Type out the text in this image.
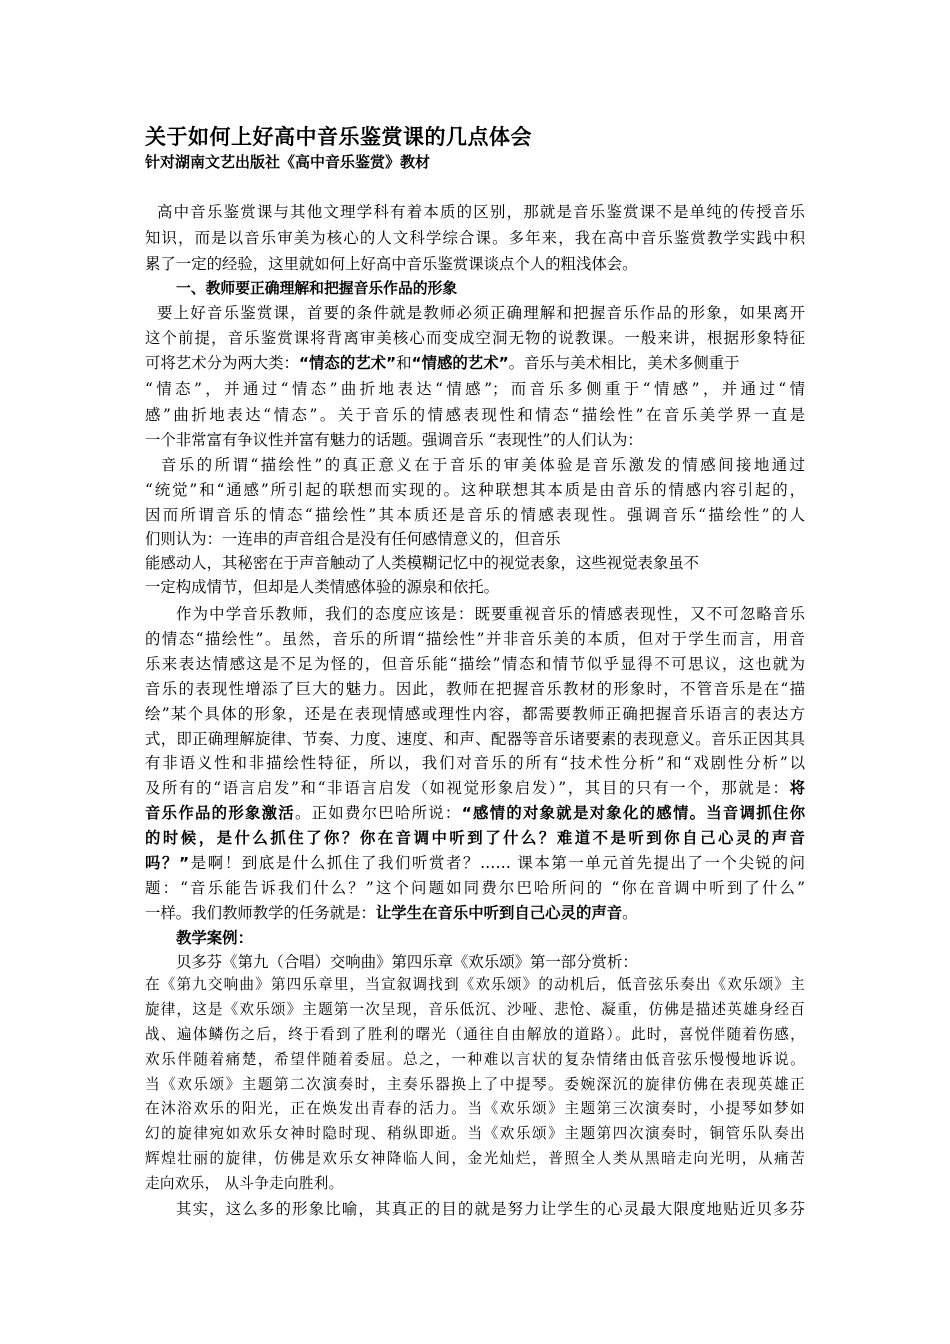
关于如何上好高中音乐鉴赏课的几点体会
针对湖南文艺出版社《高中音乐鉴赏》教材
高中音乐鉴赏课与其他文理学科有着本质的区别，那就是音乐鉴赏课不是单纯的传授音乐
知识，而是以音乐审美为核心的人文科学综合课。多年来，我在高中音乐鉴赏教学实践中积
累了一定的经验，这里就如何上好高中音乐鉴赏课谈点个人的粗浅体会。
一、教师要正确理解和把握音乐作品的形象
要上好音乐鉴赏课，首要的条件就是教师必须正确理解和把握音乐作品的形象，如果离开
这个前提，音乐鉴赏课将背离审美核心而变成空洞无物的说教课。一般来讲，根据形象特征
可将艺术分为两大类：“情态的艺术”和“情感的艺术”。音乐与美术相比，美术多侧重于
“情态”，并通过“情态”曲折地表达“情感”；而音乐多侧重于“情感”，并通过“情
感”曲折地表达“情态”。关于音乐的情感表现性和情态“描绘性”在音乐美学界一直是
一个非常富有争议性并富有魅力的话题。强调音乐 “表现性”的人们认为：
音乐的所谓“描绘性”的真正意义在于音乐的审美体验是音乐激发的情感间接地通过
“统觉”和“通感”所引起的联想而实现的。这种联想其本质是由音乐的情感内容引起的，
因而所谓音乐的情态“描绘性”其本质还是音乐的情感表现性。强调音乐“描绘性”的人
们则认为：一连串的声音组合是没有任何感情意义的，但音乐
能感动人，其秘密在于声音触动了人类模糊记忆中的视觉表象，这些视觉表象虽不
一定构成情节，但却是人类情感体验的源泉和依托。
作为中学音乐教师，我们的态度应该是：既要重视音乐的情感表现性，又不可忽略音乐
的情态“描绘性”。虽然，音乐的所谓“描绘性”并非音乐美的本质，但对于学生而言，用音
乐来表达情感这是不足为怪的，但音乐能“描绘”情态和情节似乎显得不可思议，这也就为
音乐的表现性增添了巨大的魅力。因此，教师在把握音乐教材的形象时，不管音乐是在“描
绘”某个具体的形象，还是在表现情感或理性内容，都需要教师正确把握音乐语言的表达方
式，即正确理解旋律、节奏、力度、速度、和声、配器等音乐诸要素的表现意义。音乐正因其具
有非语义性和非描绘性特征，所以，我们对音乐的所有“技术性分析”和“戏剧性分析”以
及所有的“语言启发”和“非语言启发（如视觉形象启发）”，其目的只有一个，那就是：将
音乐作品的形象激活。正如费尔巴哈所说：“感情的对象就是对象化的感情。当音调抓住你
的时候，是什么抓住了你？你在音调中听到了什么？难道不是听到你自己心灵的声音
吗？”是啊！到底是什么抓住了我们听赏者？…… 课本第一单元首先提出了一个尖锐的问
题：“音乐能告诉我们什么？”这个问题如同费尔巴哈所问的 “你在音调中听到了什么”
一样。我们教师教学的任务就是：让学生在音乐中听到自己心灵的声音。
教学案例：
贝多芬《第九（合唱）交响曲》第四乐章《欢乐颂》第一部分赏析：
在《第九交响曲》第四乐章里，当宣叙调找到《欢乐颂》的动机后，低音弦乐奏出《欢乐颂》主
旋律，这是《欢乐颂》主题第一次呈现，音乐低沉、沙哑、悲怆、凝重，仿佛是描述英雄身经百
战、遍体鳞伤之后，终于看到了胜利的曙光（通往自由解放的道路）。此时，喜悦伴随着伤感，
欢乐伴随着痛楚，希望伴随着委屈。总之，一种难以言状的复杂情绪由低音弦乐慢慢地诉说。
当《欢乐颂》主题第二次演奏时，主奏乐器换上了中提琴。委婉深沉的旋律仿佛在表现英雄正
在沐浴欢乐的阳光，正在焕发出青春的活力。当《欢乐颂》主题第三次演奏时，小提琴如梦如
幻的旋律宛如欢乐女神时隐时现、稍纵即逝。当《欢乐颂》主题第四次演奏时，铜管乐队奏出
辉煌壮丽的旋律，仿佛是欢乐女神降临人间，金光灿烂，普照全人类从黑暗走向光明，从痛苦
走向欢乐， 从斗争走向胜利。
其实，这么多的形象比喻，其真正的目的就是努力让学生的心灵最大限度地贴近贝多芬
